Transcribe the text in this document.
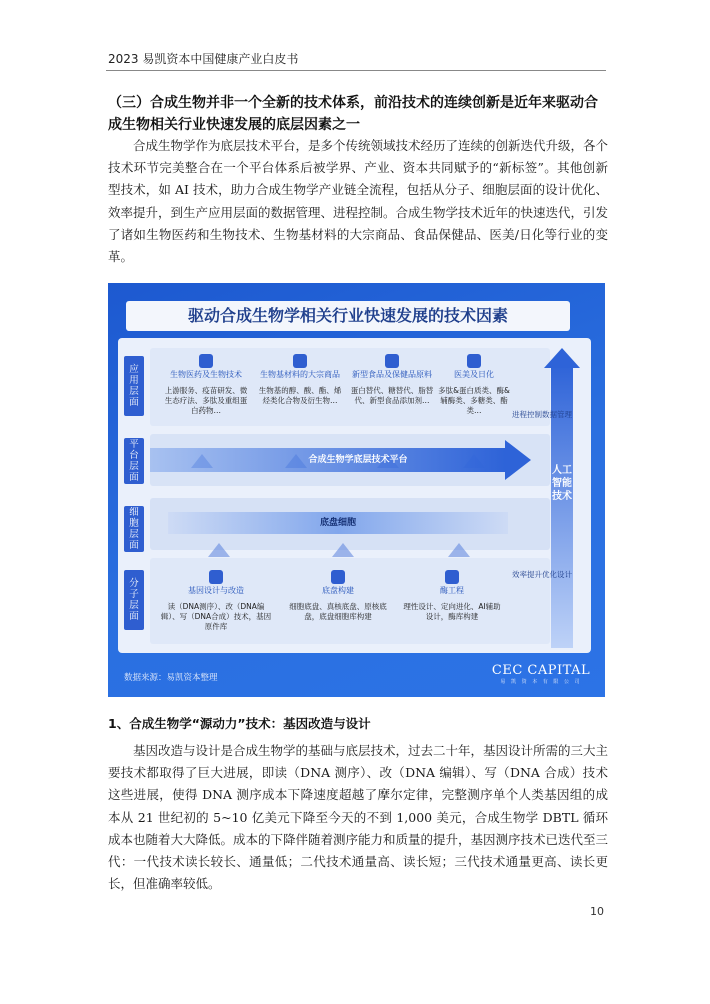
2023 易凯资本中国健康产业白皮书
（三）合成生物并非一个全新的技术体系，前沿技术的连续创新是近年来驱动合成生物相关行业快速发展的底层因素之一
合成生物学作为底层技术平台，是多个传统领域技术经历了连续的创新迭代升级，各个技术环节完美整合在一个平台体系后被学界、产业、资本共同赋予的“新标签”。其他创新型技术，如 AI 技术，助力合成生物学产业链全流程，包括从分子、细胞层面的设计优化、效率提升，到生产应用层面的数据管理、进程控制。合成生物学技术近年的快速迭代，引发了诸如生物医药和生物技术、生物基材料的大宗商品、食品保健品、医美/日化等行业的变革。
驱动合成生物学相关行业快速发展的技术因素
应用层面
平台层面
细胞层面
分子层面
生物医药及生物技术
上游服务、疫苗研发、微生态疗法、多肽及重组蛋白药物…
生物基材料的大宗商品
生物基的醇、酸、酯、烯烃类化合物及衍生物…
新型食品及保健品原料
蛋白替代、糖替代、脂替代、新型食品添加剂…
医美及日化
多肽&蛋白质类、酶&辅酶类、多糖类、酯类…
合成生物学底层技术平台
底盘细胞
基因设计与改造
读（DNA测序）、改（DNA编辑）、写（DNA合成）技术，基因原件库
底盘构建
细胞底盘、真核底盘、原核底盘，底盘细胞库构建
酶工程
理性设计、定向进化、AI辅助设计，酶库构建
人工智能技术
进程控制数据管理
效率提升优化设计
数据来源：易凯资本整理	CEC CAPITAL
易 凯 资 本 有 限 公 司
1、合成生物学“源动力”技术：基因改造与设计
基因改造与设计是合成生物学的基础与底层技术，过去二十年，基因设计所需的三大主要技术都取得了巨大进展，即读（DNA 测序）、改（DNA 编辑）、写（DNA 合成）技术这些进展，使得 DNA 测序成本下降速度超越了摩尔定律，完整测序单个人类基因组的成本从 21 世纪初的 5~10 亿美元下降至今天的不到 1,000 美元，合成生物学 DBTL 循环成本也随着大大降低。成本的下降伴随着测序能力和质量的提升，基因测序技术已迭代至三代：一代技术读长较长、通量低；二代技术通量高、读长短；三代技术通量更高、读长更长，但准确率较低。
10
